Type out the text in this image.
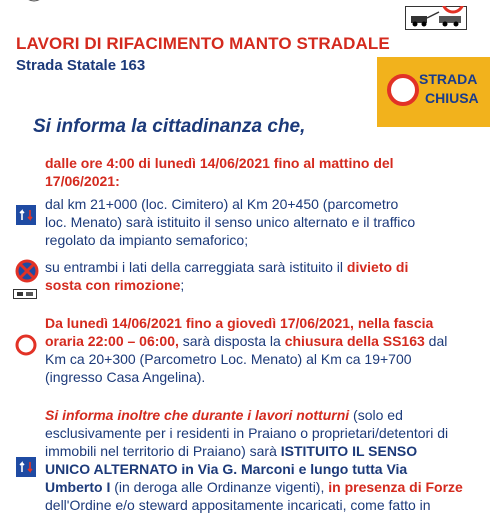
LAVORI DI RIFACIMENTO MANTO STRADALE
Strada Statale 163
STRADA
CHIUSA
Si informa la cittadinanza che,
dalle ore 4:00 di lunedì 14/06/2021 fino al mattino del
17/06/2021:
dal km 21+000 (loc. Cimitero) al Km 20+450 (parcometro
loc. Menato) sarà istituito il senso unico alternato e il traffico
regolato da impianto semaforico;
su entrambi i lati della carreggiata sarà istituito il divieto di
sosta con rimozione;
Da lunedì 14/06/2021 fino a giovedì 17/06/2021, nella fascia
oraria 22:00 – 06:00, sarà disposta la chiusura della SS163 dal
Km ca 20+300 (Parcometro Loc. Menato) al Km ca 19+700
(ingresso Casa Angelina).
Si informa inoltre che durante i lavori notturni (solo ed
esclusivamente per i residenti in Praiano o proprietari/detentori di
immobili nel territorio di Praiano) sarà ISTITUITO IL SENSO
UNICO ALTERNATO in Via G. Marconi e lungo tutta Via
Umberto I (in deroga alle Ordinanze vigenti), in presenza di Forze
dell'Ordine e/o steward appositamente incaricati, come fatto in
